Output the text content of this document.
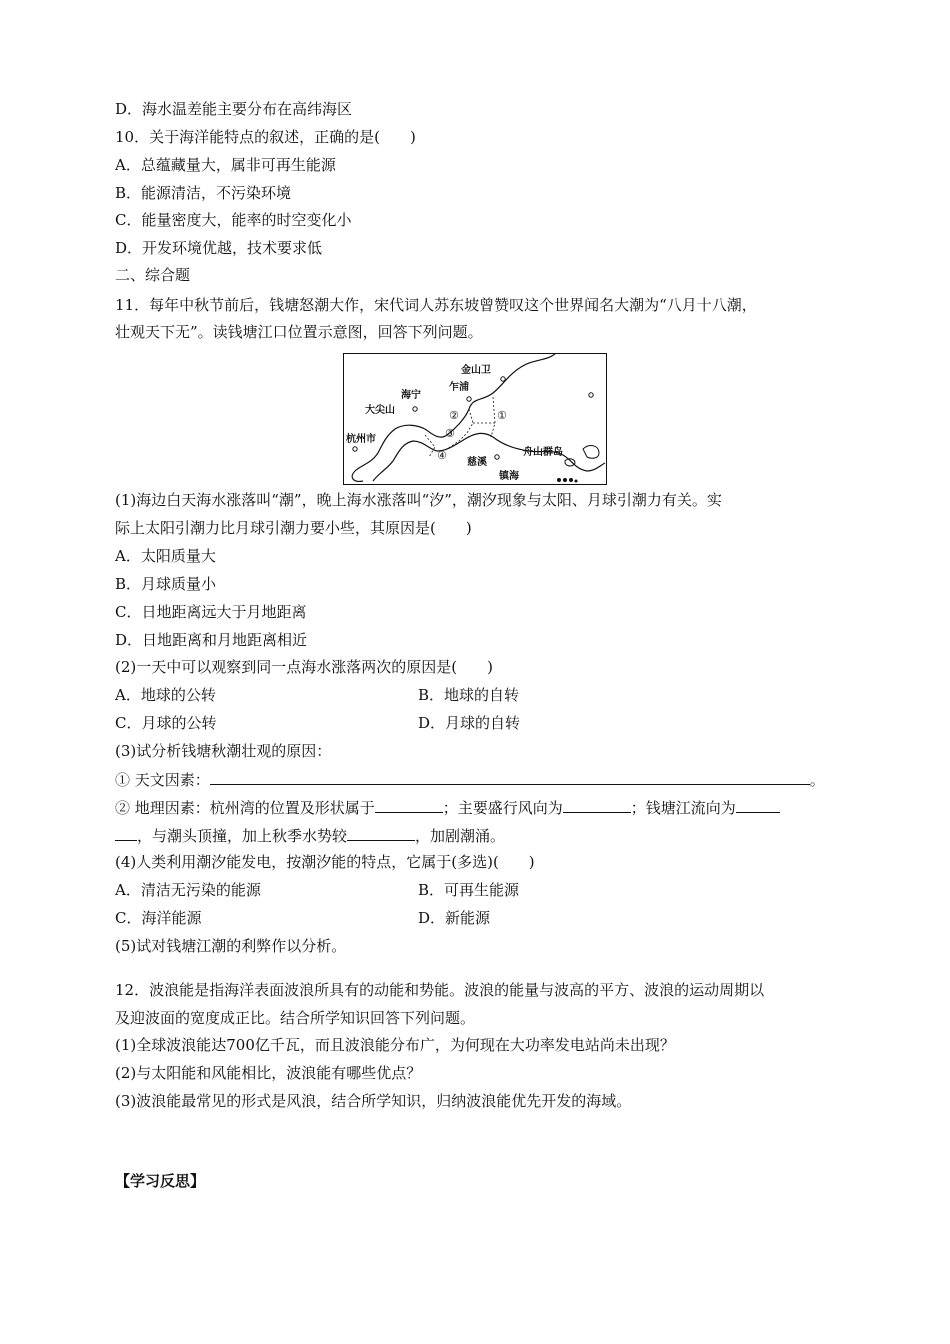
D．海水温差能主要分布在高纬海区
10．关于海洋能特点的叙述，正确的是(　　)
A．总蕴藏量大，属非可再生能源
B．能源清洁，不污染环境
C．能量密度大，能率的时空变化小
D．开发环境优越，技术要求低
二、综合题
11．每年中秋节前后，钱塘怒潮大作，宋代词人苏东坡曾赞叹这个世界闻名大潮为“八月十八潮，
壮观天下无”。读钱塘江口位置示意图，回答下列问题。
金山卫
乍浦
海宁
大尖山
杭州市
慈溪
舟山群岛
镇海
①
②
③
④
(1)海边白天海水涨落叫“潮”，晚上海水涨落叫“汐”，潮汐现象与太阳、月球引潮力有关。实
际上太阳引潮力比月球引潮力要小些，其原因是(　　)
A．太阳质量大
B．月球质量小
C．日地距离远大于月地距离
D．日地距离和月地距离相近
(2)一天中可以观察到同一点海水涨落两次的原因是(　　)
A．地球的公转	B．地球的自转
C．月球的公转	D．月球的自转
(3)试分析钱塘秋潮壮观的原因：
① 天文因素：	。
② 地理因素：杭州湾的位置及形状属于	；主要盛行风向为	；钱塘江流向为
，与潮头顶撞，加上秋季水势较	，加剧潮涌。
(4)人类利用潮汐能发电，按潮汐能的特点，它属于(多选)(　　)
A．清洁无污染的能源	B．可再生能源
C．海洋能源	D．新能源
(5)试对钱塘江潮的利弊作以分析。
12．波浪能是指海洋表面波浪所具有的动能和势能。波浪的能量与波高的平方、波浪的运动周期以
及迎波面的宽度成正比。结合所学知识回答下列问题。
(1)全球波浪能达700亿千瓦，而且波浪能分布广，为何现在大功率发电站尚未出现？
(2)与太阳能和风能相比，波浪能有哪些优点？
(3)波浪能最常见的形式是风浪，结合所学知识，归纳波浪能优先开发的海域。
【学习反思】
